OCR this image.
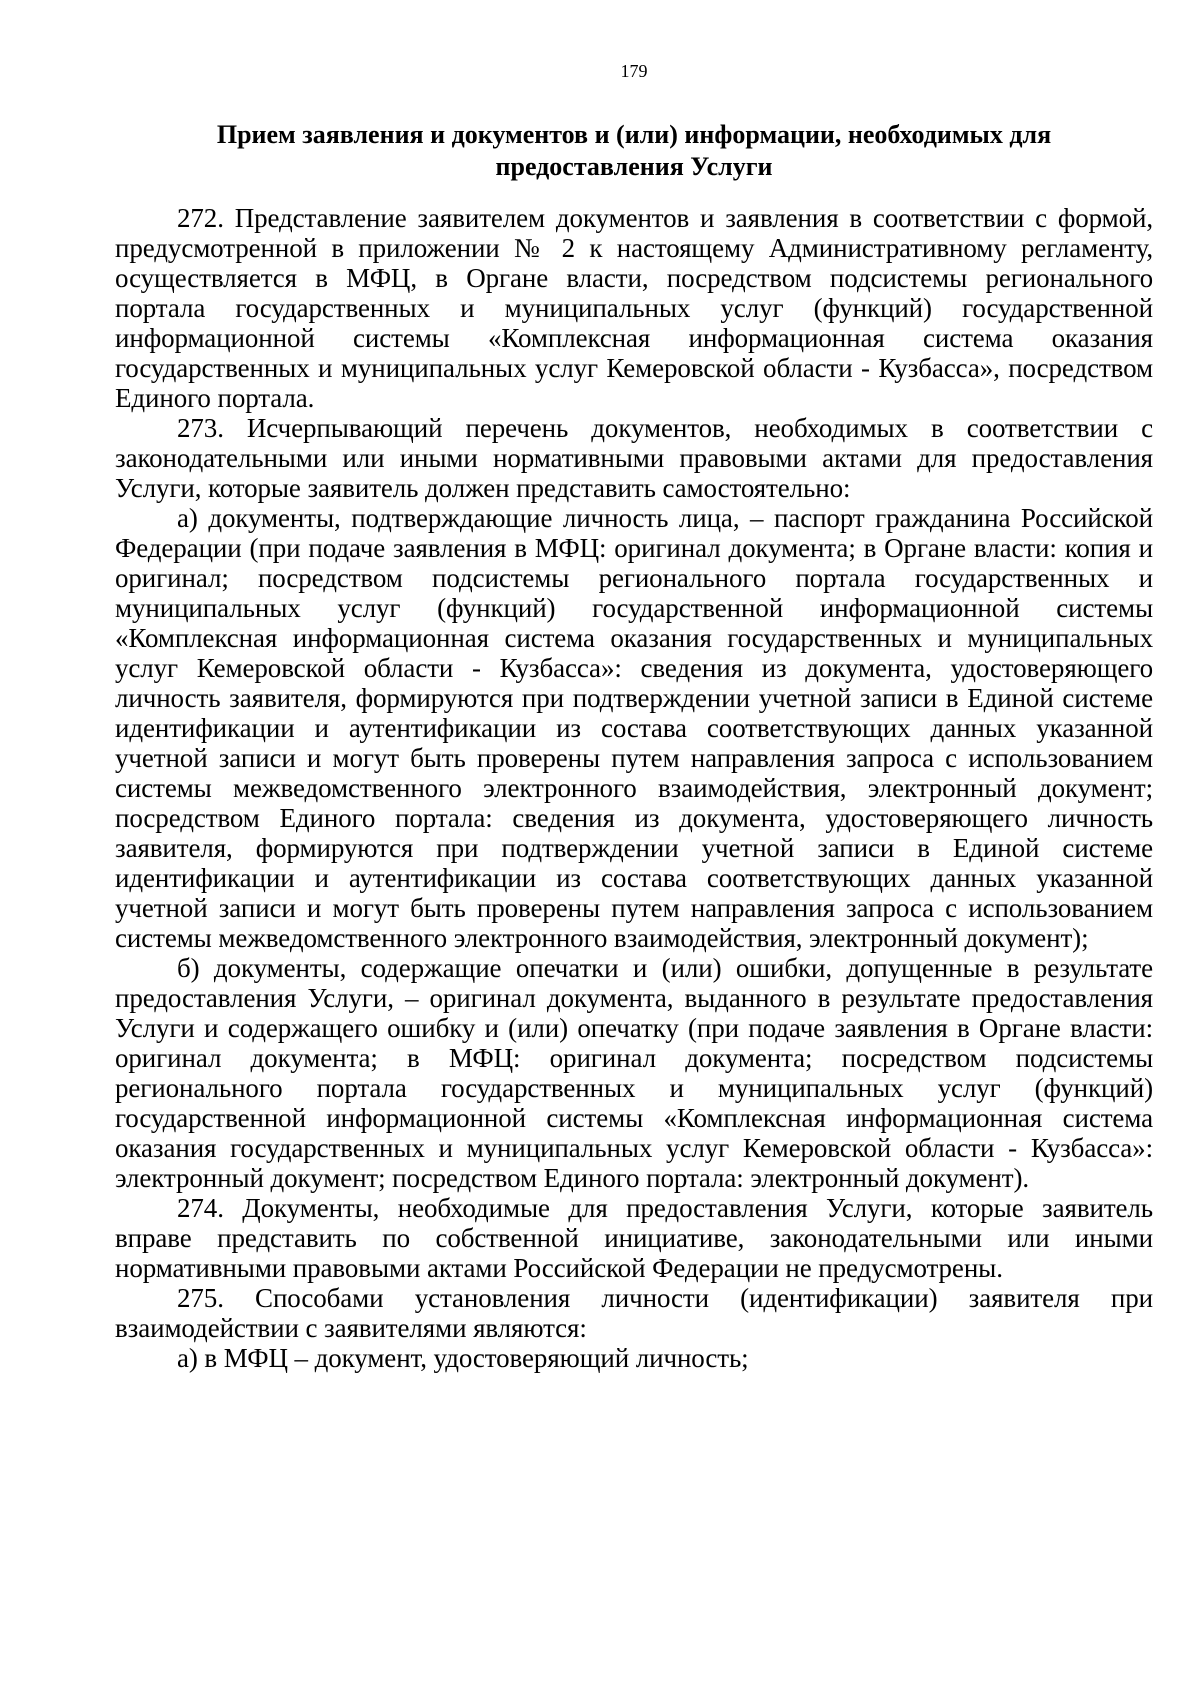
179
Прием заявления и документов и (или) информации, необходимых для
предоставления Услуги

272. Представление заявителем документов и заявления в соответствии с формой, предусмотренной в приложении № 2 к настоящему Административному регламенту, осуществляется в МФЦ, в Органе власти, посредством подсистемы регионального портала государственных и муниципальных услуг (функций) государственной информационной системы «Комплексная информационная система оказания государственных и муниципальных услуг Кемеровской области - Кузбасса», посредством Единого портала.

273. Исчерпывающий перечень документов, необходимых в соответствии с законодательными или иными нормативными правовыми актами для предоставления Услуги, которые заявитель должен представить самостоятельно:

а) документы, подтверждающие личность лица, – паспорт гражданина Российской Федерации (при подаче заявления в МФЦ: оригинал документа; в Органе власти: копия и оригинал; посредством подсистемы регионального портала государственных и муниципальных услуг (функций) государственной информационной системы «Комплексная информационная система оказания государственных и муниципальных услуг Кемеровской области - Кузбасса»: сведения из документа, удостоверяющего личность заявителя, формируются при подтверждении учетной записи в Единой системе идентификации и аутентификации из состава соответствующих данных указанной учетной записи и могут быть проверены путем направления запроса с использованием системы межведомственного электронного взаимодействия, электронный документ; посредством Единого портала: сведения из документа, удостоверяющего личность заявителя, формируются при подтверждении учетной записи в Единой системе идентификации и аутентификации из состава соответствующих данных указанной учетной записи и могут быть проверены путем направления запроса с использованием системы межведомственного электронного взаимодействия, электронный документ);

б) документы, содержащие опечатки и (или) ошибки, допущенные в результате предоставления Услуги, – оригинал документа, выданного в результате предоставления Услуги и содержащего ошибку и (или) опечатку (при подаче заявления в Органе власти: оригинал документа; в МФЦ: оригинал документа; посредством подсистемы регионального портала государственных и муниципальных услуг (функций) государственной информационной системы «Комплексная информационная система оказания государственных и муниципальных услуг Кемеровской области - Кузбасса»: электронный документ; посредством Единого портала: электронный документ).

274. Документы, необходимые для предоставления Услуги, которые заявитель вправе представить по собственной инициативе, законодательными или иными нормативными правовыми актами Российской Федерации не предусмотрены.

275. Способами установления личности (идентификации) заявителя при взаимодействии с заявителями являются:

а) в МФЦ – документ, удостоверяющий личность;
